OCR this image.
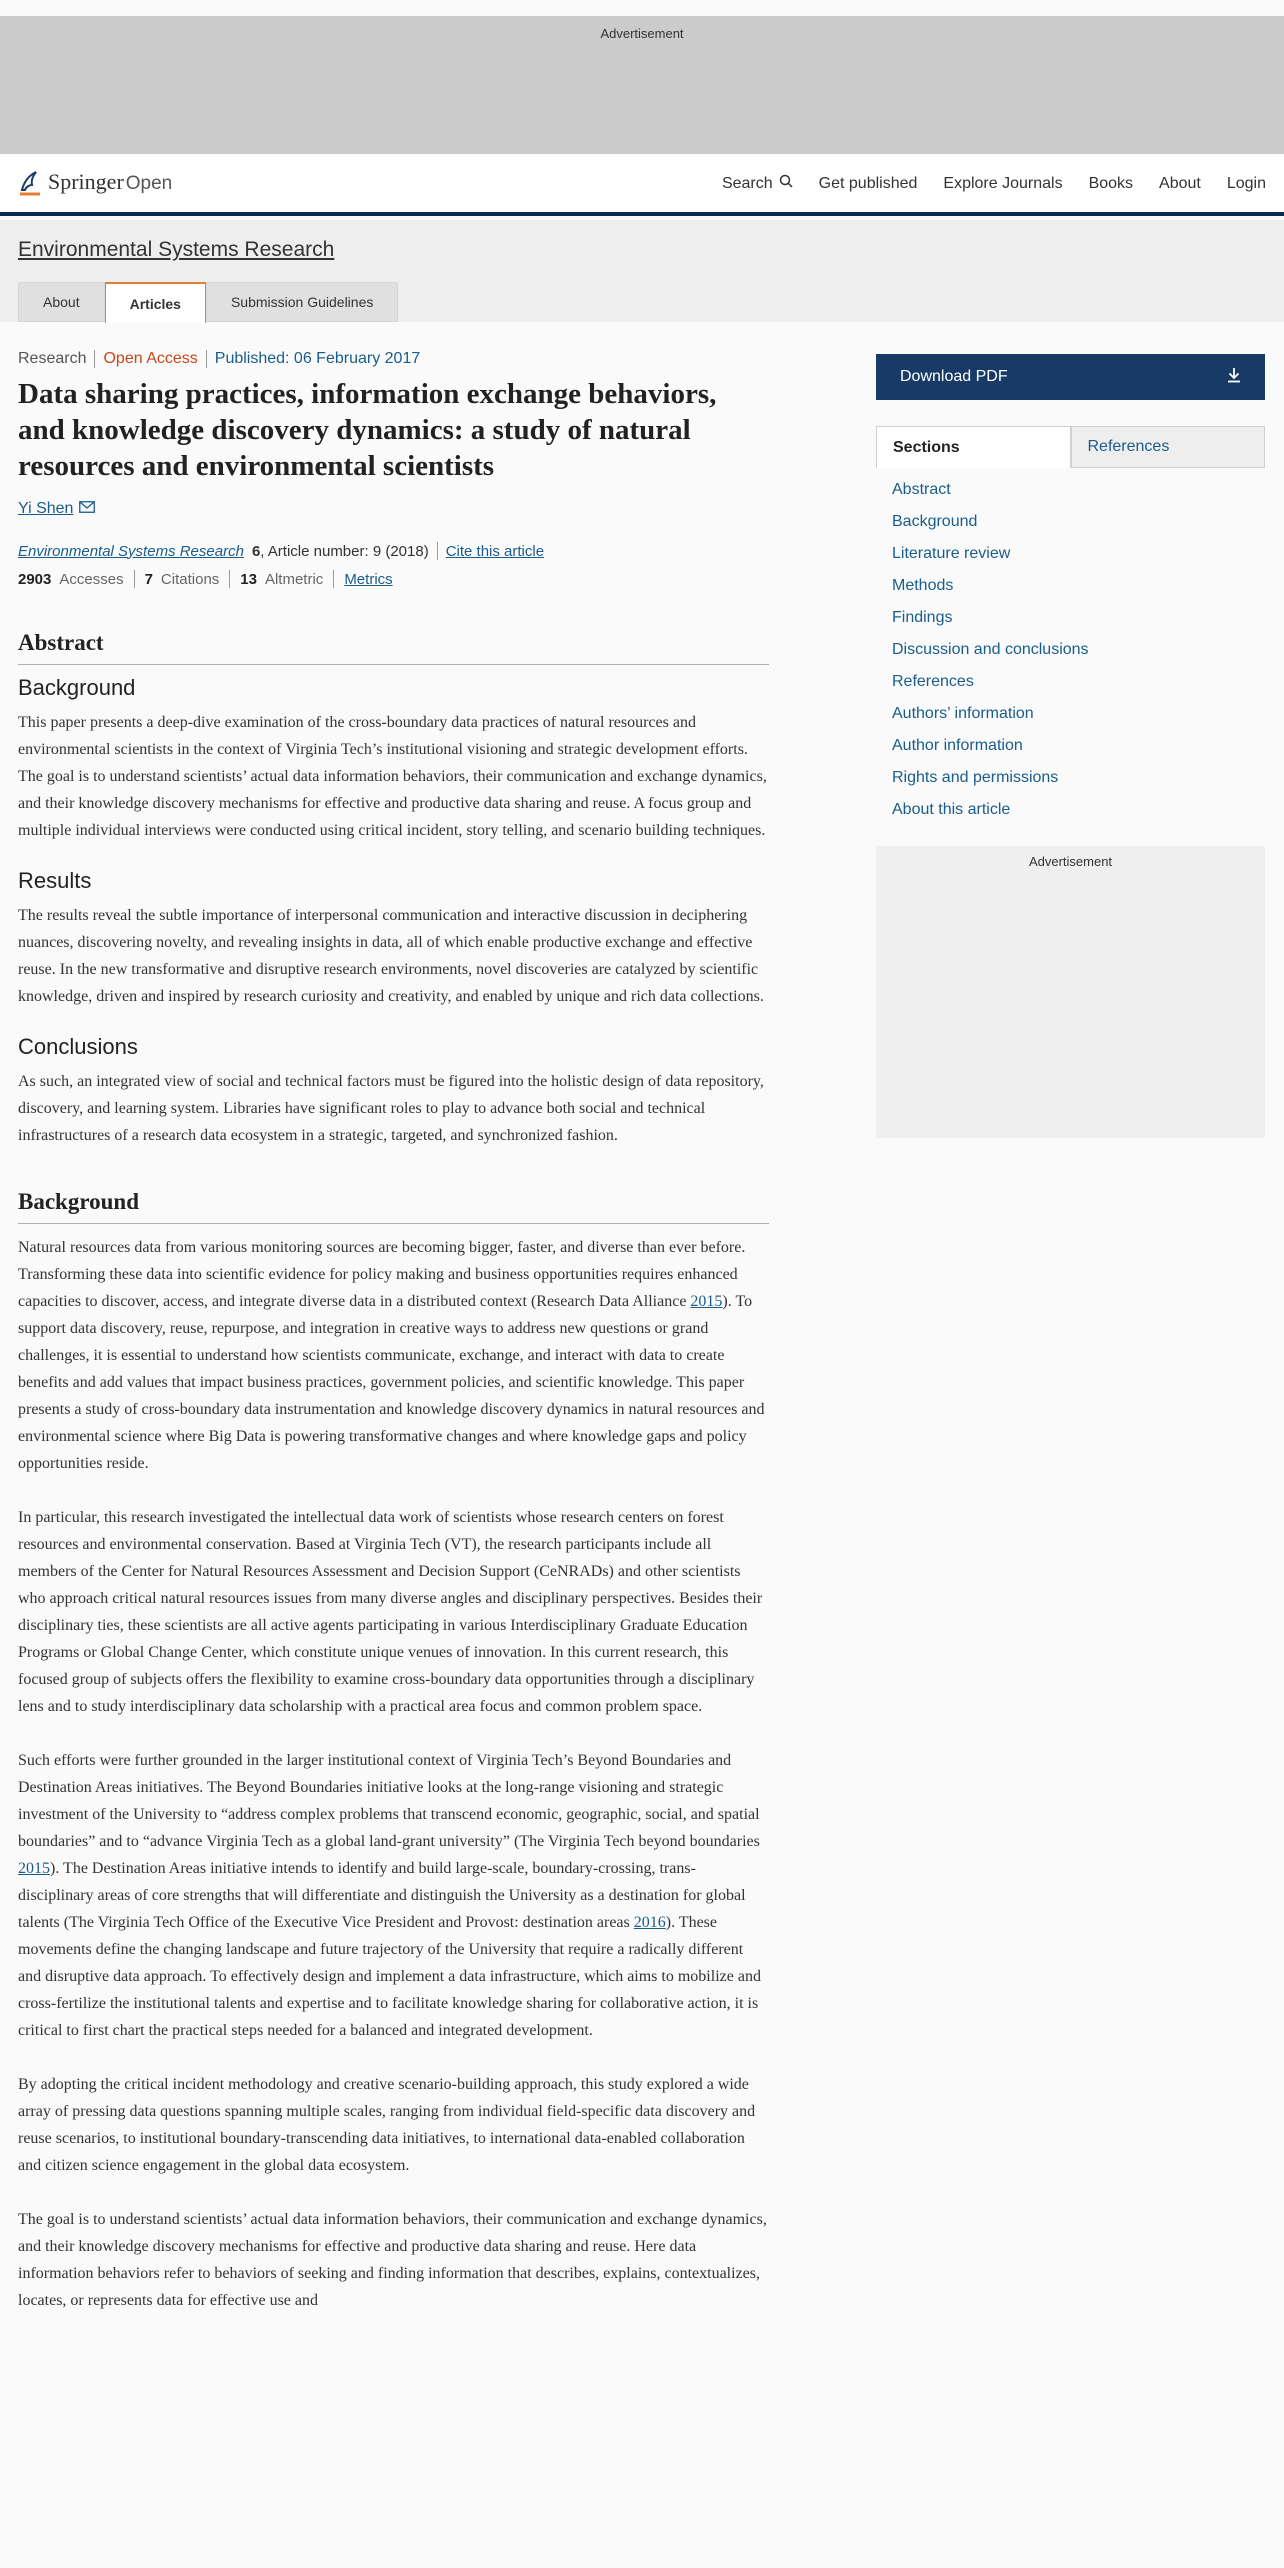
Advertisement
Springer Open	Search	Get published Explore Journals Books About Login
Environmental Systems Research
About	Articles	Submission Guidelines
Research Open Access Published: 06 February 2017
Data sharing practices, information exchange behaviors, and knowledge discovery dynamics: a study of natural resources and environmental scientists
Yi Shen
Environmental Systems Research 6 , Article number: 9 (2018) Cite this article
2903 Accesses 7 Citations 13 Altmetric Metrics
Abstract
Background

This paper presents a deep-dive examination of the cross-boundary data practices of natural resources and environmental scientists in the context of Virginia Tech’s institutional visioning and strategic development efforts. The goal is to understand scientists’ actual data information behaviors, their communication and exchange dynamics, and their knowledge discovery mechanisms for effective and productive data sharing and reuse. A focus group and multiple individual interviews were conducted using critical incident, story telling, and scenario building techniques.

Results

The results reveal the subtle importance of interpersonal communication and interactive discussion in deciphering nuances, discovering novelty, and revealing insights in data, all of which enable productive exchange and effective reuse. In the new transformative and disruptive research environments, novel discoveries are catalyzed by scientific knowledge, driven and inspired by research curiosity and creativity, and enabled by unique and rich data collections.

Conclusions

As such, an integrated view of social and technical factors must be figured into the holistic design of data repository, discovery, and learning system. Libraries have significant roles to play to advance both social and technical infrastructures of a research data ecosystem in a strategic, targeted, and synchronized fashion.

Background

Natural resources data from various monitoring sources are becoming bigger, faster, and diverse than ever before. Transforming these data into scientific evidence for policy making and business opportunities requires enhanced capacities to discover, access, and integrate diverse data in a distributed context (Research Data Alliance 2015). To support data discovery, reuse, repurpose, and integration in creative ways to address new questions or grand challenges, it is essential to understand how scientists communicate, exchange, and interact with data to create benefits and add values that impact business practices, government policies, and scientific knowledge. This paper presents a study of cross-boundary data instrumentation and knowledge discovery dynamics in natural resources and environmental science where Big Data is powering transformative changes and where knowledge gaps and policy opportunities reside.

In particular, this research investigated the intellectual data work of scientists whose research centers on forest resources and environmental conservation. Based at Virginia Tech (VT), the research participants include all members of the Center for Natural Resources Assessment and Decision Support (CeNRADs) and other scientists who approach critical natural resources issues from many diverse angles and disciplinary perspectives. Besides their disciplinary ties, these scientists are all active agents participating in various Interdisciplinary Graduate Education Programs or Global Change Center, which constitute unique venues of innovation. In this current research, this focused group of subjects offers the flexibility to examine cross-boundary data opportunities through a disciplinary lens and to study interdisciplinary data scholarship with a practical area focus and common problem space.

Such efforts were further grounded in the larger institutional context of Virginia Tech’s Beyond Boundaries and Destination Areas initiatives. The Beyond Boundaries initiative looks at the long-range visioning and strategic investment of the University to “address complex problems that transcend economic, geographic, social, and spatial boundaries” and to “advance Virginia Tech as a global land-grant university” (The Virginia Tech beyond boundaries 2015). The Destination Areas initiative intends to identify and build large-scale, boundary-crossing, trans-disciplinary areas of core strengths that will differentiate and distinguish the University as a destination for global talents (The Virginia Tech Office of the Executive Vice President and Provost: destination areas 2016). These movements define the changing landscape and future trajectory of the University that require a radically different and disruptive data approach. To effectively design and implement a data infrastructure, which aims to mobilize and cross-fertilize the institutional talents and expertise and to facilitate knowledge sharing for collaborative action, it is critical to first chart the practical steps needed for a balanced and integrated development.

By adopting the critical incident methodology and creative scenario-building approach, this study explored a wide array of pressing data questions spanning multiple scales, ranging from individual field-specific data discovery and reuse scenarios, to institutional boundary-transcending data initiatives, to international data-enabled collaboration and citizen science engagement in the global data ecosystem.

The goal is to understand scientists’ actual data information behaviors, their communication and exchange dynamics, and their knowledge discovery mechanisms for effective and productive data sharing and reuse. Here data information behaviors refer to behaviors of seeking and finding information that describes, explains, contextualizes, locates, or represents data for effective use and

Download PDF
Sections	References
Abstract
Background
Literature review
Methods
Findings
Discussion and conclusions
References
Authors’ information
Author information
Rights and permissions
About this article
Advertisement
